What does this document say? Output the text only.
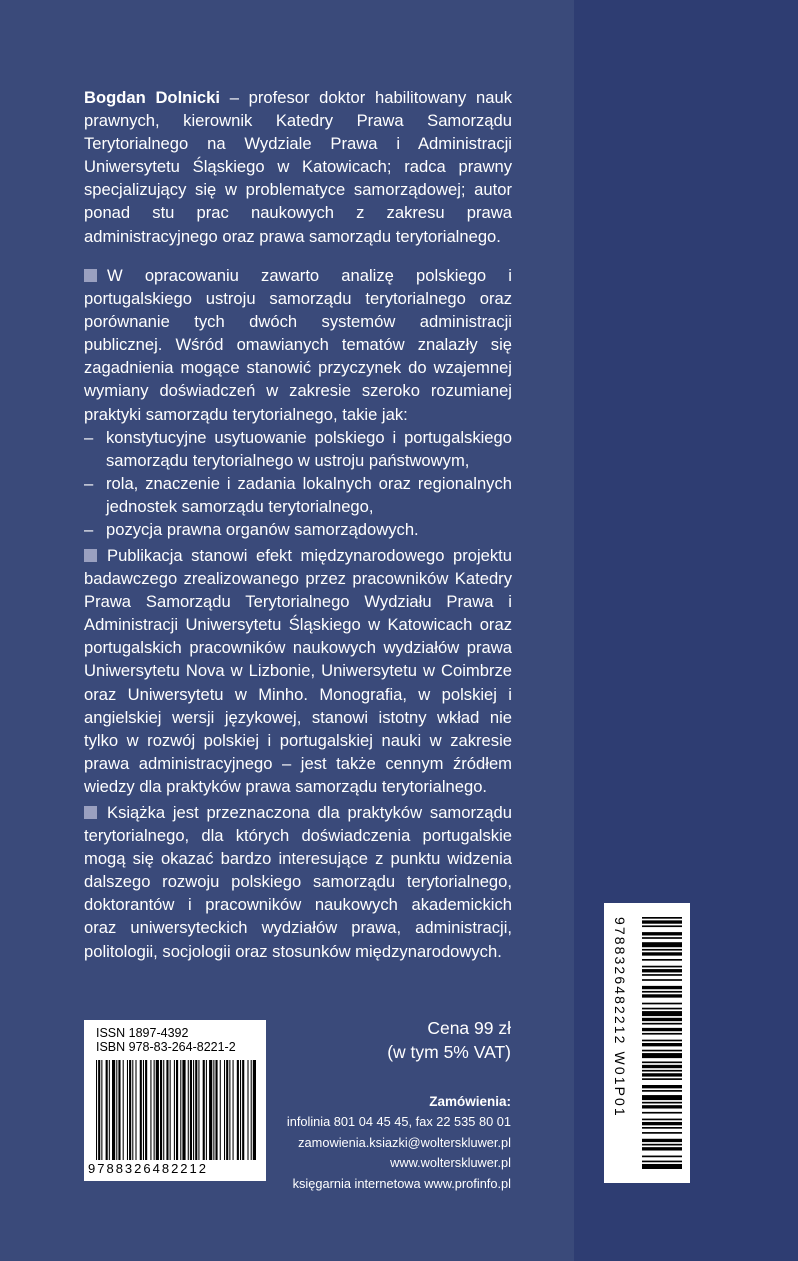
Bogdan Dolnicki – profesor doktor habilitowany nauk prawnych, kierownik Katedry Prawa Samorządu Terytorialnego na Wydziale Prawa i Administracji Uniwersytetu Śląskiego w Katowicach; radca prawny specjalizujący się w problematyce samorządowej; autor ponad stu prac naukowych z zakresu prawa administracyjnego oraz prawa samorządu terytorialnego.

W opracowaniu zawarto analizę polskiego i portugalskiego ustroju samorządu terytorialnego oraz porównanie tych dwóch systemów administracji publicznej. Wśród omawianych tematów znalazły się zagadnienia mogące stanowić przyczynek do wzajemnej wymiany doświadczeń w zakresie szeroko rozumianej praktyki samorządu terytorialnego, takie jak:

– konstytucyjne usytuowanie polskiego i portugalskiego samorządu terytorialnego w ustroju państwowym,
– rola, znaczenie i zadania lokalnych oraz regionalnych jednostek samorządu terytorialnego,
– pozycja prawna organów samorządowych.

Publikacja stanowi efekt międzynarodowego projektu badawczego zrealizowanego przez pracowników Katedry Prawa Samorządu Terytorialnego Wydziału Prawa i Administracji Uniwersytetu Śląskiego w Katowicach oraz portugalskich pracowników naukowych wydziałów prawa Uniwersytetu Nova w Lizbonie, Uniwersytetu w Coimbrze oraz Uniwersytetu w Minho. Monografia, w polskiej i angielskiej wersji językowej, stanowi istotny wkład nie tylko w rozwój polskiej i portugalskiej nauki w zakresie prawa administracyjnego – jest także cennym źródłem wiedzy dla praktyków prawa samorządu terytorialnego.

Książka jest przeznaczona dla praktyków samorządu terytorialnego, dla których doświadczenia portugalskie mogą się okazać bardzo interesujące z punktu widzenia dalszego rozwoju polskiego samorządu terytorialnego, doktorantów i pracowników naukowych akademickich oraz uniwersyteckich wydziałów prawa, administracji, politologii, socjologii oraz stosunków międzynarodowych.

ISSN 1897-4392
ISBN 978-83-264-8221-2
9788326482212
Cena 99 zł
(w tym 5% VAT)
Zamówienia:
infolinia 801 04 45 45, fax 22 535 80 01
zamowienia.ksiazki@wolterskluwer.pl
www.wolterskluwer.pl
księgarnia internetowa www.profinfo.pl
9788326482212 W01P01
